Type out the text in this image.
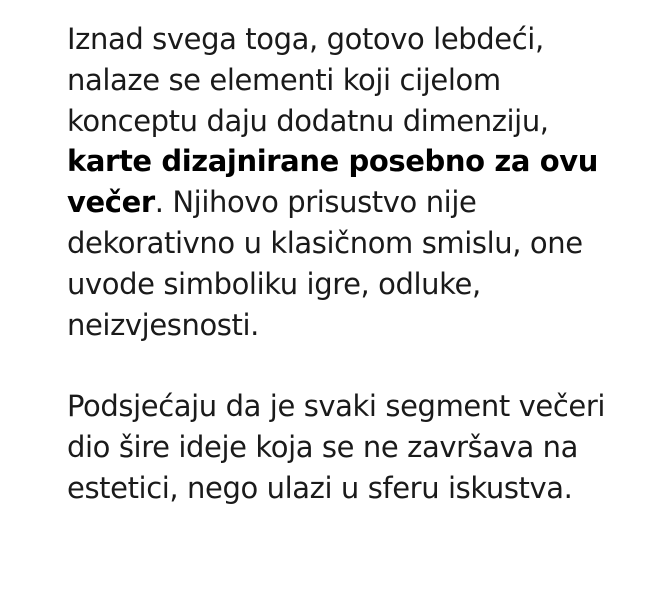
Iznad svega toga, gotovo lebdeći, nalaze se elementi koji cijelom konceptu daju dodatnu dimenziju, karte dizajnirane posebno za ovu večer. Njihovo prisustvo nije dekorativno u klasičnom smislu, one uvode simboliku igre, odluke, neizvjesnosti.

Podsjećaju da je svaki segment večeri dio šire ideje koja se ne završava na estetici, nego ulazi u sferu iskustva.
